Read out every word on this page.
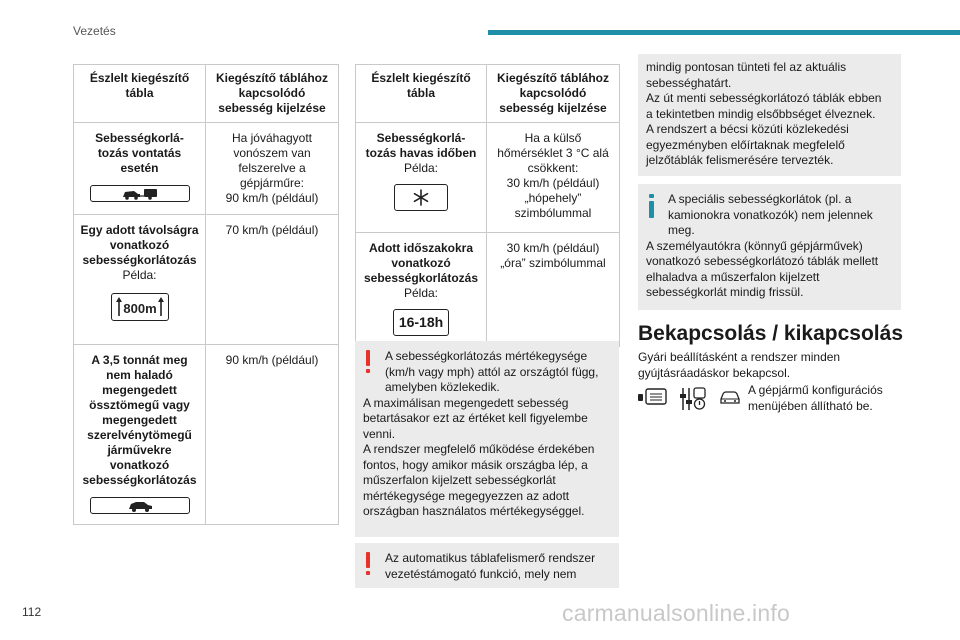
Vezetés
Észlelt kiegészítő tábla	Kiegészítő táblához kapcsolódó sebesség kijelzése

Sebességkorlá-tozás vontatás esetén	Ha jóváhagyott vonószem van felszerelve a gépjárműre:
90 km/h (például)

Egy adott távolságra vonatkozó sebességkorlátozás
Példa:
800m	70 km/h (például)

A 3,5 tonnát meg nem haladó megengedett össztömegű vagy megengedett szerelvénytömegű járművekre vonatkozó sebességkorlátozás	90 km/h (például)
Észlelt kiegészítő tábla	Kiegészítő táblához kapcsolódó sebesség kijelzése

Sebességkorlá-tozás havas időben
Példa:	Ha a külső hőmérséklet 3 °C alá csökkent:
30 km/h (például)
„hópehely” szimbólummal

Adott időszakokra vonatkozó sebességkorlátozás
Példa:
16-18h	30 km/h (például)
„óra” szimbólummal
A sebességkorlátozás mértékegysége (km/h vagy mph) attól az országtól függ, amelyben közlekedik.

A maximálisan megengedett sebesség betartásakor ezt az értéket kell figyelembe venni.

A rendszer megfelelő működése érdekében fontos, hogy amikor másik országba lép, a műszerfalon kijelzett sebességkorlát mértékegysége megegyezzen az adott országban használatos mértékegységgel.

Az automatikus táblafelismerő rendszer vezetéstámogató funkció, mely nem

mindig pontosan tünteti fel az aktuális sebességhatárt.

Az út menti sebességkorlátozó táblák ebben a tekintetben mindig elsőbbséget élveznek.

A rendszert a bécsi közúti közlekedési egyezményben előírtaknak megfelelő jelzőtáblák felismerésére tervezték.

A speciális sebességkorlátok (pl. a kamionokra vonatkozók) nem jelennek meg.

A személyautókra (könnyű gépjárművek) vonatkozó sebességkorlátozó táblák mellett elhaladva a műszerfalon kijelzett sebességkorlát mindig frissül.

Bekapcsolás / kikapcsolás
Gyári beállításként a rendszer minden gyújtásráadáskor bekapcsol.
A gépjármű konfigurációs menüjében állítható be.
112	carmanualsonline.info
